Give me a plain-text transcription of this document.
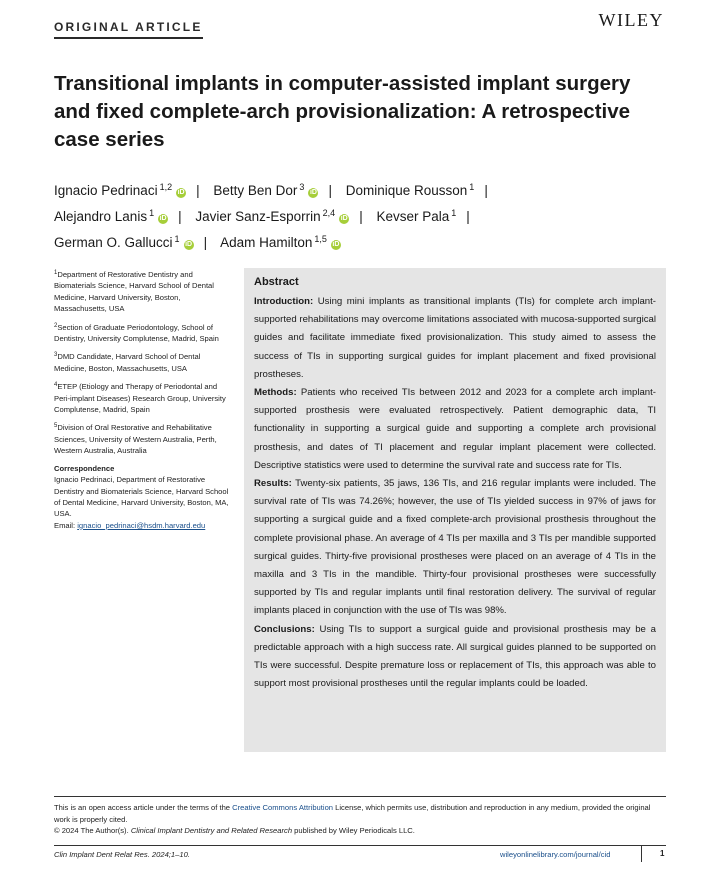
ORIGINAL ARTICLE	WILEY
Transitional implants in computer-assisted implant surgery and fixed complete-arch provisionalization: A retrospective case series
Ignacio Pedrinaci $^{1,2}$iD | Betty Ben Dor $^3$iD | Dominique Rousson $^1$ |
Alejandro Lanis $^1$iD | Javier Sanz-Esporrin $^{2,4}$iD | Kevser Pala $^1$ |
German O. Gallucci $^1$iD | Adam Hamilton $^{1,5}$iD

$^1$Department of Restorative Dentistry and Biomaterials Science, Harvard School of Dental Medicine, Harvard University, Boston, Massachusetts, USA

$^2$Section of Graduate Periodontology, School of Dentistry, University Complutense, Madrid, Spain

$^3$DMD Candidate, Harvard School of Dental Medicine, Boston, Massachusetts, USA

$^4$ETEP (Etiology and Therapy of Periodontal and Peri-implant Diseases) Research Group, University Complutense, Madrid, Spain

$^5$Division of Oral Restorative and Rehabilitative Sciences, University of Western Australia, Perth, Western Australia, Australia

Correspondence

Ignacio Pedrinaci, Department of Restorative Dentistry and Biomaterials Science, Harvard School of Dental Medicine, Harvard University, Boston, MA, USA.
Email: ignacio_pedrinaci@hsdm.harvard.edu

Abstract

Introduction: Using mini implants as transitional implants (TIs) for complete arch implant-supported rehabilitations may overcome limitations associated with mucosa-supported surgical guides and facilitate immediate fixed provisionalization. This study aimed to assess the success of TIs in supporting surgical guides for implant placement and fixed provisional prostheses.

Methods: Patients who received TIs between 2012 and 2023 for a complete arch implant-supported prosthesis were evaluated retrospectively. Patient demographic data, TI functionality in supporting a surgical guide and supporting a complete arch provisional prosthesis, and dates of TI placement and regular implant placement were collected. Descriptive statistics were used to determine the survival rate and success rate for TIs.

Results: Twenty-six patients, 35 jaws, 136 TIs, and 216 regular implants were included. The survival rate of TIs was 74.26%; however, the use of TIs yielded success in 97% of jaws for supporting a surgical guide and a fixed complete-arch provisional prosthesis throughout the complete provisional phase. An average of 4 TIs per maxilla and 3 TIs per mandible supported surgical guides. Thirty-five provisional prostheses were placed on an average of 4 TIs in the maxilla and 3 TIs in the mandible. Thirty-four provisional prostheses were successfully supported by TIs and regular implants until final restoration delivery. The survival of regular implants placed in conjunction with the use of TIs was 98%.

Conclusions: Using TIs to support a surgical guide and provisional prosthesis may be a predictable approach with a high success rate. All surgical guides planned to be supported on TIs were successful. Despite premature loss or replacement of TIs, this approach was able to support most provisional prostheses until the regular implants could be loaded.

This is an open access article under the terms of the Creative Commons Attribution License, which permits use, distribution and reproduction in any medium, provided the original work is properly cited.
© 2024 The Author(s). Clinical Implant Dentistry and Related Research published by Wiley Periodicals LLC.
Clin Implant Dent Relat Res. 2024;1–10.	wileyonlinelibrary.com/journal/cid	1
